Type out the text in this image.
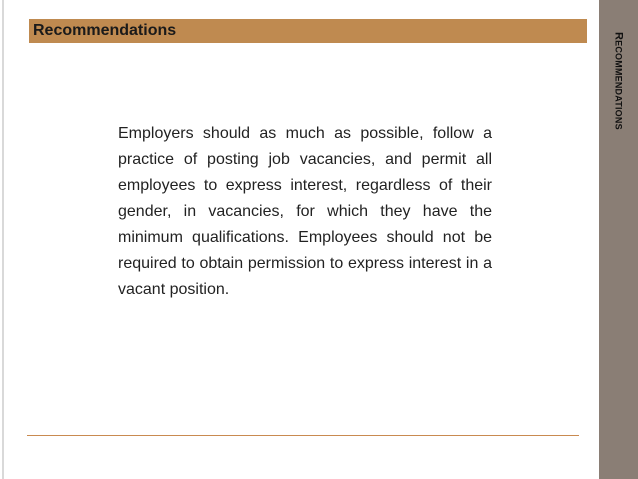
Recommendations	RECOMMENDATIONS

Employers should as much as possible, follow a practice of posting job vacancies, and permit all employees to express interest, regardless of their gender, in vacancies, for which they have the minimum qualifications. Employees should not be required to obtain permission to express interest in a vacant position.
